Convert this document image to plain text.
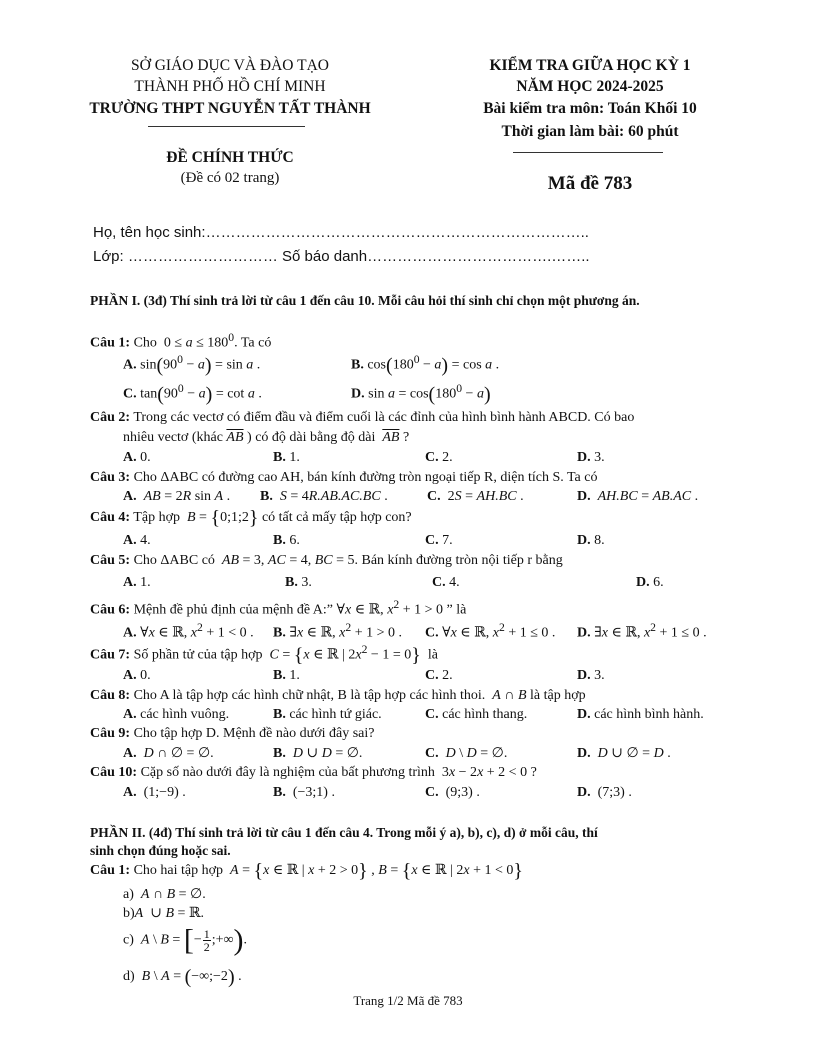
SỞ GIÁO DỤC VÀ ĐÀO TẠO
THÀNH PHỐ HỒ CHÍ MINH
TRƯỜNG THPT NGUYỄN TẤT THÀNH
ĐỀ CHÍNH THỨC
(Đề có 02 trang)
KIỂM TRA GIỮA HỌC KỲ 1
NĂM HỌC 2024-2025
Bài kiểm tra môn: Toán Khối 10
Thời gian làm bài: 60 phút
Mã đề 783
Họ, tên học sinh:…………………………………………………………………..
Lớp: ………………………… Số báo danh……………………………….……..
PHẦN I. (3đ) Thí sinh trả lời từ câu 1 đến câu 10. Mỗi câu hỏi thí sinh chỉ chọn một phương án.
Câu 1: Cho  $0 \le a \le 180^0$. Ta có
A. $\sin(90^0 - a) = \sin a$ .	B. $\cos(180^0 - a) = \cos a$ .
C. $\tan(90^0 - a) = \cot a$ .	D. $\sin a = \cos(180^0 - a)$
Câu 2: Trong các vectơ có điểm đầu và điểm cuối là các đỉnh của hình bình hành ABCD. Có bao
nhiêu vectơ (khác $\overline{AB}$ ) có độ dài bằng độ dài  $\overline{AB}$ ?
A. 0.	B. 1.	C. 2.	D. 3.
Câu 3: Cho ΔABC có đường cao AH, bán kính đường tròn ngoại tiếp R, diện tích S. Ta có
A. AB = 2R sin A . B. S = 4R.AB.AC.BC .	C.  2S = AH.BC .	D. AH.BC = AB.AC .
Câu 4: Tập hợp  B = {0;1;2} có tất cả mấy tập hợp con?
A. 4.	B. 6.	C. 7.	D. 8.
Câu 5: Cho ΔABC có  AB = 3, AC = 4, BC = 5. Bán kính đường tròn nội tiếp r bằng
A. 1.	B. 3.	C. 4.	D. 6.
Câu 6: Mệnh đề phủ định của mệnh đề A:” ∀x ∈ ℝ, $x^2 + 1 > 0$ ” là
A. ∀x ∈ ℝ, $x^2 + 1 < 0$ . B. ∃x ∈ ℝ, $x^2 + 1 > 0$ . C. ∀x ∈ ℝ, $x^2 + 1 \le 0$ . D. ∃x ∈ ℝ, $x^2 + 1 \le 0$ .
Câu 7: Số phần tử của tập hợp  C = {x ∈ ℝ | $2x^2 - 1 = 0$}  là
A. 0.	B. 1.	C. 2.	D. 3.
Câu 8: Cho A là tập hợp các hình chữ nhật, B là tập hợp các hình thoi.  A ∩ B là tập hợp
A. các hình vuông.	B. các hình tứ giác.	C. các hình thang.	D. các hình bình hành.
Câu 9: Cho tập hợp D. Mệnh đề nào dưới đây sai?
A. D ∩ ∅ = ∅.	B. D ∪ D = ∅.	C. D \ D = ∅.	D. D ∪ ∅ = D .
Câu 10: Cặp số nào dưới đây là nghiệm của bất phương trình  3x − 2x + 2 < 0 ?
A.  (1;−9) .	B.  (−3;1) .	C.  (9;3) .	D.  (7;3) .
PHẦN II. (4đ) Thí sinh trả lời từ câu 1 đến câu 4. Trong mỗi ý a), b), c), d) ở mỗi câu, thí
sinh chọn đúng hoặc sai.
Câu 1: Cho hai tập hợp  A = {x ∈ ℝ | x + 2 > 0} , B = {x ∈ ℝ | 2x + 1 < 0}
a)  A ∩ B = ∅.
b)A  ∪ B = ℝ.
c)  A \ B = [− $\frac{1}{2}$ ;+∞).
d)  B \ A = (−∞;−2) .
Trang 1/2 Mã đề 783
